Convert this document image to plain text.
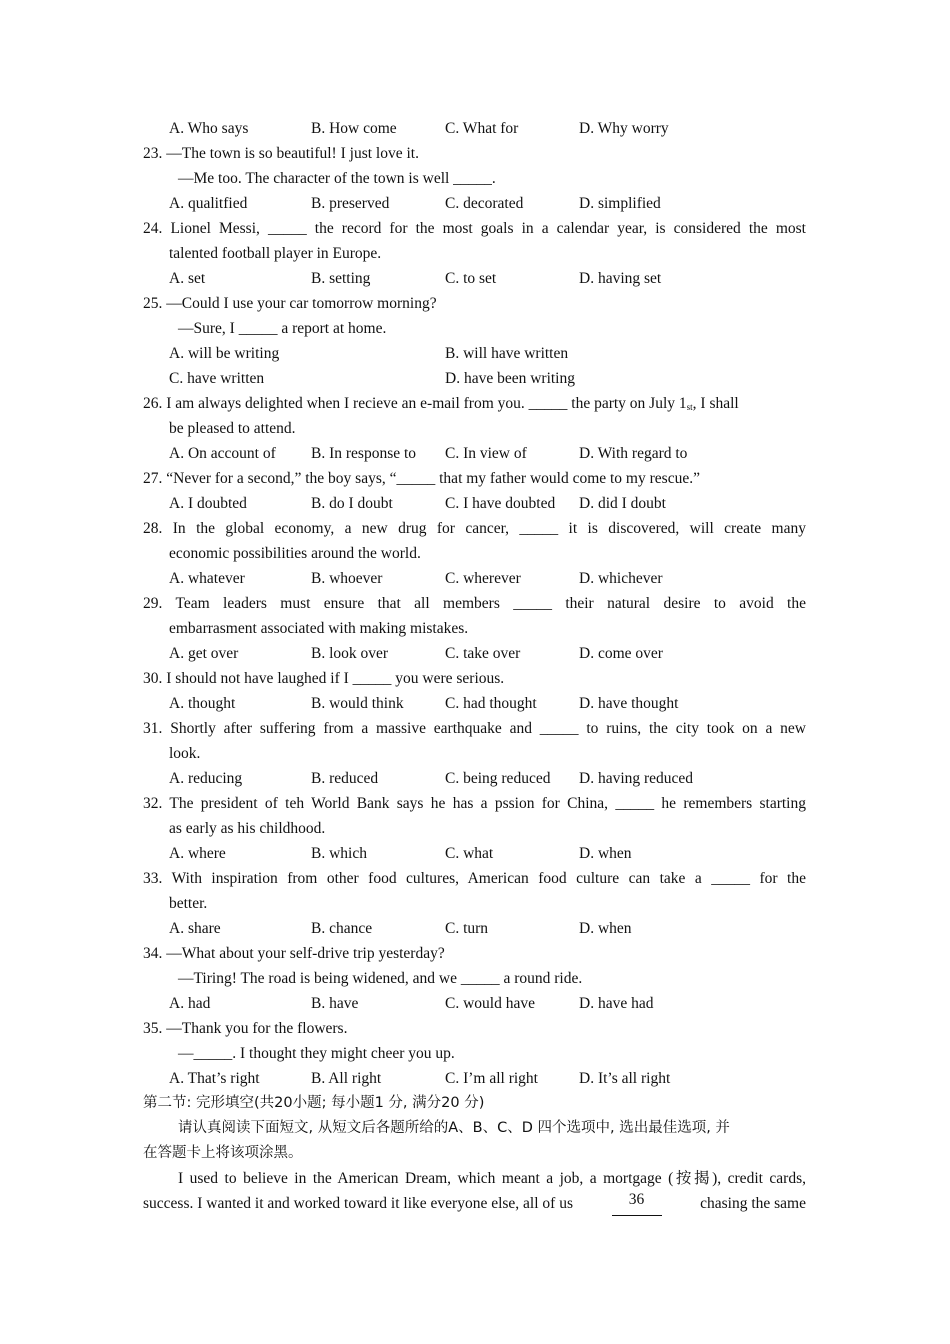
A. Who says	B. How come	C. What for	D. Why worry
23. —The town is so beautiful! I just love it.
—Me too. The character of the town is well _____.
A. qualitfied	B. preserved	C. decorated	D. simplified
24. Lionel Messi, _____ the record for the most goals in a calendar year, is considered the most
talented football player in Europe.
A. set	B. setting	C. to set	D. having set
25. —Could I use your car tomorrow morning?
—Sure, I _____ a report at home.
A. will be writing	B. will have written
C. have written	D. have been writing
26. I am always delighted when I recieve an e-mail from you. _____ the party on July 1st, I shall
be pleased to attend.
A. On account of B. In response to C. In view of	D. With regard to
27. “Never for a second,” the boy says, “_____ that my father would come to my rescue.”
A. I doubted	B. do I doubt	C. I have doubted D. did I doubt
28. In the global economy, a new drug for cancer, _____ it is discovered, will create many
economic possibilities around the world.
A. whatever	B. whoever	C. wherever	D. whichever
29. Team leaders must ensure that all members _____ their natural desire to avoid the
embarrasment associated with making mistakes.
A. get over	B. look over	C. take over	D. come over
30. I should not have laughed if I _____ you were serious.
A. thought	B. would think	C. had thought	D. have thought
31. Shortly after suffering from a massive earthquake and _____ to ruins, the city took on a new
look.
A. reducing	B. reduced	C. being reduced D. having reduced
32. The president of teh World Bank says he has a pssion for China, _____ he remembers starting
as early as his childhood.
A. where	B. which	C. what	D. when
33. With inspiration from other food cultures, American food culture can take a _____ for the
better.
A. share	B. chance	C. turn	D. when
34. —What about your self-drive trip yesterday?
—Tiring! The road is being widened, and we _____ a round ride.
A. had	B. have	C. would have	D. have had
35. —Thank you for the flowers.
—_____. I thought they might cheer you up.
A. That’s right	B. All right	C. I’m all right	D. It’s all right
第二节: 完形填空(共20小题; 每小题1 分, 满分20 分)
请认真阅读下面短文, 从短文后各题所给的A、B、C、D 四个选项中, 选出最佳选项, 并
在答题卡上将该项涂黑。
I used to believe in the American Dream, which meant a job, a mortgage (按揭), credit cards,
success. I wanted it and worked toward it like everyone else, all of us	36	chasing the same
